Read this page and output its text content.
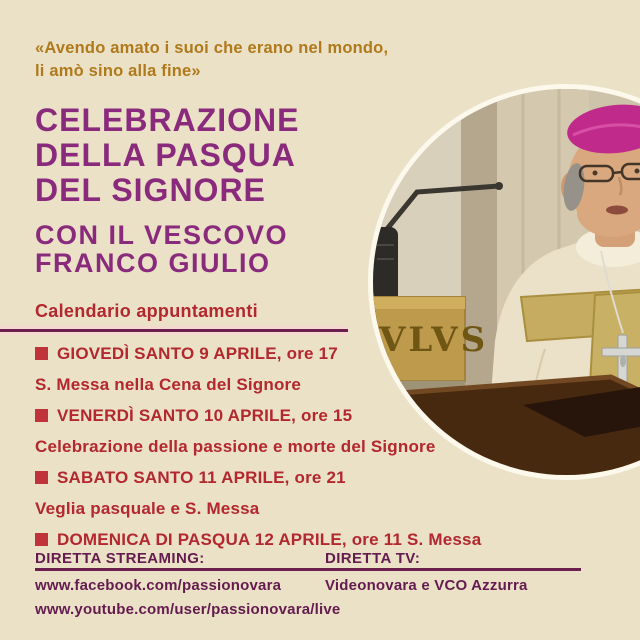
«Avendo amato i suoi che erano nel mondo,
li amò sino alla fine»
CELEBRAZIONE
DELLA PASQUA
DEL SIGNORE
CON IL VESCOVO
FRANCO GIULIO
Calendario appuntamenti
GIOVEDÌ SANTO 9 APRILE, ore 17
S. Messa nella Cena del Signore
VENERDÌ SANTO 10 APRILE, ore 15
Celebrazione della passione e morte del Signore
SABATO SANTO 11 APRILE, ore 21
Veglia pasquale e S. Messa
DOMENICA DI PASQUA 12 APRILE, ore 11 S. Messa
DIRETTA STREAMING:	DIRETTA TV:
www.facebook.com/passionovara
www.youtube.com/user/passionovara/live
Videonovara e VCO Azzurra
VLVS
